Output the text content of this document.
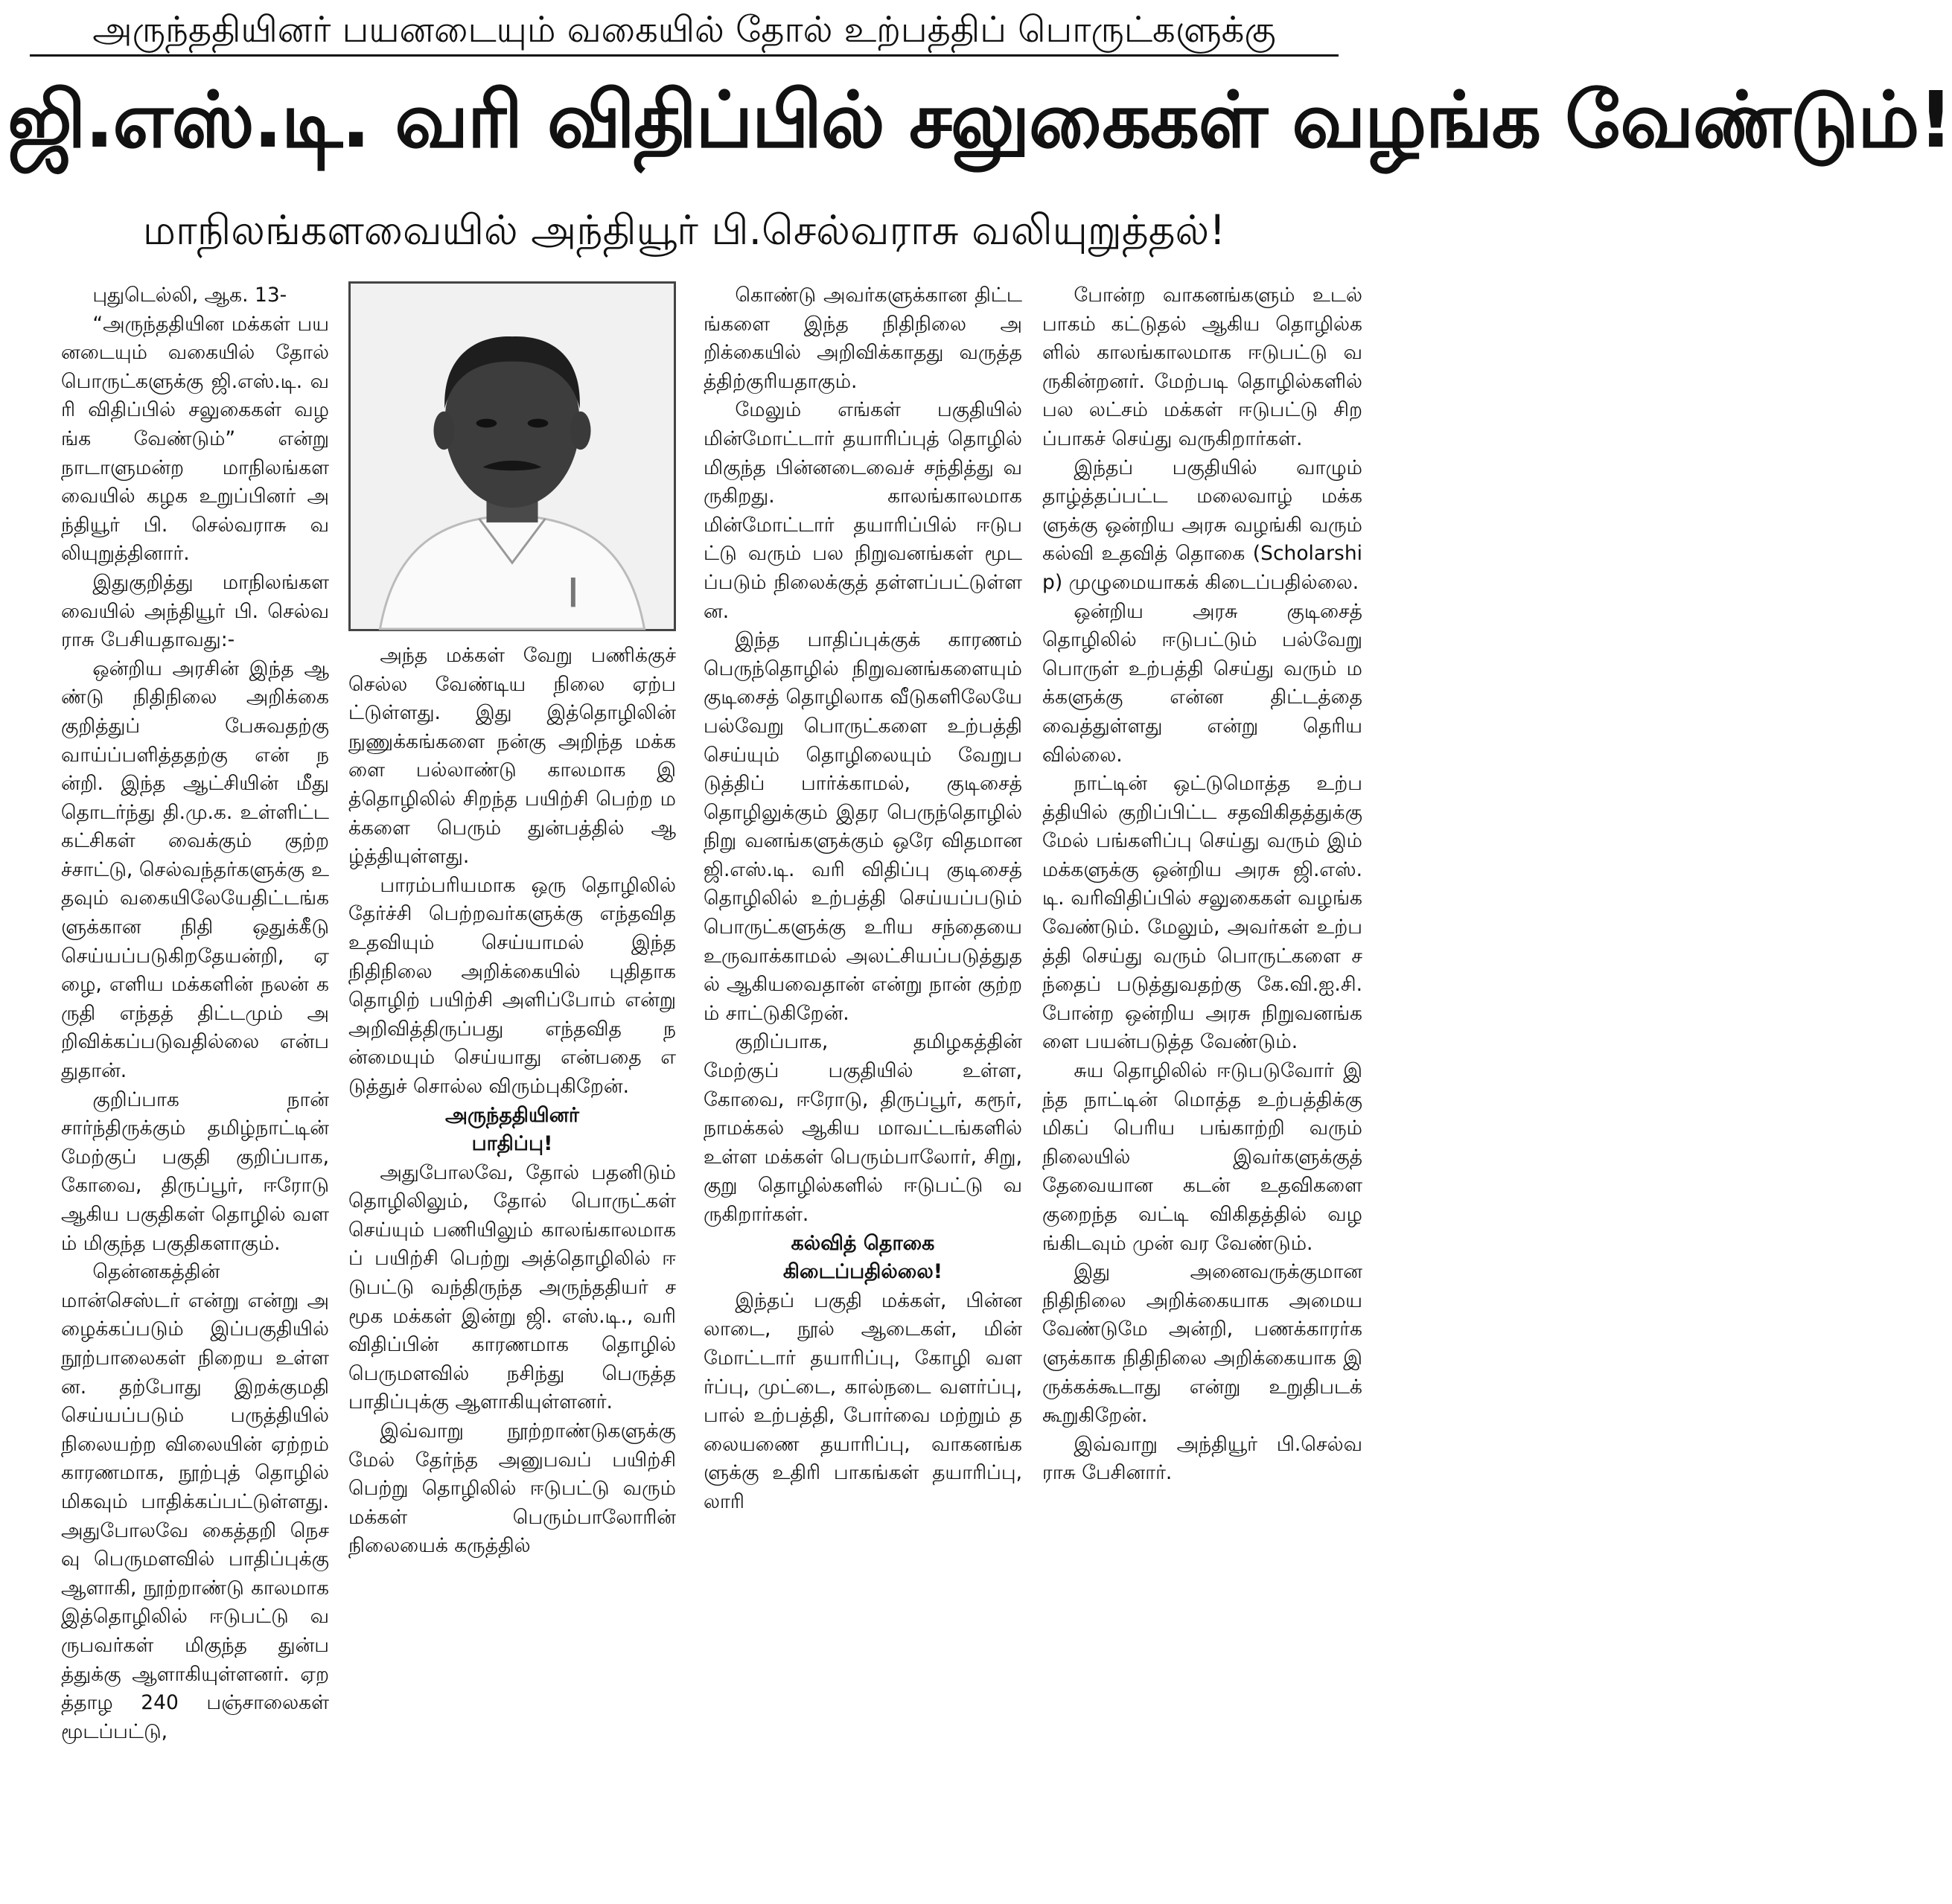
அருந்ததியினர் பயனடையும் வகையில் தோல் உற்பத்திப் பொருட்களுக்கு
ஜி.எஸ்.டி. வரி விதிப்பில் சலுகைகள் வழங்க வேண்டும்!
மாநிலங்களவையில் அந்தியூர் பி.செல்வராசு வலியுறுத்தல்!

புதுடெல்லி, ஆக. 13-

“அருந்ததியின மக்கள் பயனடையும் வகையில் தோல் பொருட்களுக்கு ஜி.எஸ்.டி. வரி விதிப்பில் சலுகைகள் வழங்க வேண்டும்” என்று நாடாளுமன்ற மாநிலங்களவையில் கழக உறுப்பினர் அந்தியூர் பி. செல்வராசு வலியுறுத்தினார்.

இதுகுறித்து மாநிலங்களவையில் அந்தியூர் பி. செல்வராசு பேசியதாவது:-

ஒன்றிய அரசின் இந்த ஆண்டு நிதிநிலை அறிக்கை குறித்துப் பேசுவதற்கு வாய்ப்பளித்ததற்கு என் நன்றி. இந்த ஆட்சியின் மீது தொடர்ந்து தி.மு.க. உள்ளிட்ட கட்சிகள் வைக்கும் குற்றச்சாட்டு, செல்வந்தர்களுக்கு உதவும் வகையிலேயேதிட்டங்களுக்கான நிதி ஒதுக்கீடு செய்யப்படுகிறதேயன்றி, ஏழை, எளிய மக்களின் நலன் கருதி எந்தத் திட்டமும் அறிவிக்கப்படுவதில்லை என்பதுதான்.

குறிப்பாக நான் சார்ந்திருக்கும் தமிழ்நாட்டின் மேற்குப் பகுதி குறிப்பாக, கோவை, திருப்பூர், ஈரோடு ஆகிய பகுதிகள் தொழில் வளம் மிகுந்த பகுதிகளாகும்.

தென்னகத்தின் மான்செஸ்டர் என்று என்று அழைக்கப்படும் இப்பகுதியில் நூற்பாலைகள் நிறைய உள்ளன. தற்போது இறக்குமதி செய்யப்படும் பருத்தியில் நிலையற்ற விலையின் ஏற்றம் காரணமாக, நூற்புத் தொழில் மிகவும் பாதிக்கப்பட்டுள்ளது. அதுபோலவே கைத்தறி நெசவு பெருமளவில் பாதிப்புக்கு ஆளாகி, நூற்றாண்டு காலமாக இத்தொழிலில் ஈடுபட்டு வருபவர்கள் மிகுந்த துன்பத்துக்கு ஆளாகியுள்ளனர். ஏறத்தாழ 240 பஞ்சாலைகள் மூடப்பட்டு,

அந்த மக்கள் வேறு பணிக்குச் செல்ல வேண்டிய நிலை ஏற்பட்டுள்ளது. இது இத்தொழிலின் நுணுக்கங்களை நன்கு அறிந்த மக்களை பல்லாண்டு காலமாக இத்தொழிலில் சிறந்த பயிற்சி பெற்ற மக்களை பெரும் துன்பத்தில் ஆழ்த்தியுள்ளது.

பாரம்பரியமாக ஒரு தொழிலில் தேர்ச்சி பெற்றவர்களுக்கு எந்தவித உதவியும் செய்யாமல் இந்த நிதிநிலை அறிக்கையில் புதிதாக தொழிற் பயிற்சி அளிப்போம் என்று அறிவித்திருப்பது எந்தவித நன்மையும் செய்யாது என்பதை எடுத்துச் சொல்ல விரும்புகிறேன்.

அருந்ததியினர்
பாதிப்பு!

அதுபோலவே, தோல் பதனிடும் தொழிலிலும், தோல் பொருட்கள் செய்யும் பணியிலும் காலங்காலமாகப் பயிற்சி பெற்று அத்தொழிலில் ஈடுபட்டு வந்திருந்த அருந்ததியர் சமூக மக்கள் இன்று ஜி. எஸ்.டி., வரி விதிப்பின் காரணமாக தொழில் பெருமளவில் நசிந்து பெருத்த பாதிப்புக்கு ஆளாகியுள்ளனர்.

இவ்வாறு நூற்றாண்டுகளுக்கு மேல் தேர்ந்த அனுபவப் பயிற்சி பெற்று தொழிலில் ஈடுபட்டு வரும் மக்கள் பெரும்பாலோரின் நிலையைக் கருத்தில்

கொண்டு அவர்களுக்கான திட்டங்களை இந்த நிதிநிலை அறிக்கையில் அறிவிக்காதது வருத்தத்திற்குரியதாகும்.

மேலும் எங்கள் பகுதியில் மின்மோட்டார் தயாரிப்புத் தொழில் மிகுந்த பின்னடைவைச் சந்தித்து வருகிறது. காலங்காலமாக மின்மோட்டார் தயாரிப்பில் ஈடுபட்டு வரும் பல நிறுவனங்கள் மூடப்படும் நிலைக்குத் தள்ளப்பட்டுள்ளன.

இந்த பாதிப்புக்குக் காரணம் பெருந்தொழில் நிறுவனங்களையும் குடிசைத் தொழிலாக வீடுகளிலேயே பல்வேறு பொருட்களை உற்பத்தி செய்யும் தொழிலையும் வேறுபடுத்திப் பார்க்காமல், குடிசைத் தொழிலுக்கும் இதர பெருந்தொழில் நிறு வனங்களுக்கும் ஒரே விதமான ஜி.எஸ்.டி. வரி விதிப்பு குடிசைத் தொழிலில் உற்பத்தி செய்யப்படும் பொருட்களுக்கு உரிய சந்தையை உருவாக்காமல் அலட்சியப்படுத்துதல் ஆகியவைதான் என்று நான் குற்றம் சாட்டுகிறேன்.

குறிப்பாக, தமிழகத்தின் மேற்குப் பகுதியில் உள்ள, கோவை, ஈரோடு, திருப்பூர், கரூர், நாமக்கல் ஆகிய மாவட்டங்களில் உள்ள மக்கள் பெரும்பாலோர், சிறு, குறு தொழில்களில் ஈடுபட்டு வருகிறார்கள்.

கல்வித் தொகை
கிடைப்பதில்லை!

இந்தப் பகுதி மக்கள், பின்னலாடை, நூல் ஆடைகள், மின் மோட்டார் தயாரிப்பு, கோழி வளர்ப்பு, முட்டை, கால்நடை வளர்ப்பு, பால் உற்பத்தி, போர்வை மற்றும் தலையணை தயாரிப்பு, வாகனங்களுக்கு உதிரி பாகங்கள் தயாரிப்பு, லாரி

போன்ற வாகனங்களும் உடல் பாகம் கட்டுதல் ஆகிய தொழில்களில் காலங்காலமாக ஈடுபட்டு வருகின்றனர். மேற்படி தொழில்களில் பல லட்சம் மக்கள் ஈடுபட்டு சிறப்பாகச் செய்து வருகிறார்கள்.

இந்தப் பகுதியில் வாழும் தாழ்த்தப்பட்ட மலைவாழ் மக்களுக்கு ஒன்றிய அரசு வழங்கி வரும் கல்வி உதவித் தொகை (Scholarship) முழுமையாகக் கிடைப்பதில்லை.

ஒன்றிய அரசு குடிசைத் தொழிலில் ஈடுபட்டும் பல்வேறு பொருள் உற்பத்தி செய்து வரும் மக்களுக்கு என்ன திட்டத்தை வைத்துள்ளது என்று தெரியவில்லை.

நாட்டின் ஒட்டுமொத்த உற்பத்தியில் குறிப்பிட்ட சதவிகிதத்துக்கு மேல் பங்களிப்பு செய்து வரும் இம் மக்களுக்கு ஒன்றிய அரசு ஜி.எஸ்.டி. வரிவிதிப்பில் சலுகைகள் வழங்க வேண்டும். மேலும், அவர்கள் உற்பத்தி செய்து வரும் பொருட்களை சந்தைப் படுத்துவதற்கு கே.வி.ஐ.சி. போன்ற ஒன்றிய அரசு நிறுவனங்களை பயன்படுத்த வேண்டும்.

சுய தொழிலில் ஈடுபடுவோர் இந்த நாட்டின் மொத்த உற்பத்திக்கு மிகப் பெரிய பங்காற்றி வரும் நிலையில் இவர்களுக்குத் தேவையான கடன் உதவிகளை குறைந்த வட்டி விகிதத்தில் வழங்கிடவும் முன் வர வேண்டும்.

இது அனைவருக்குமான நிதிநிலை அறிக்கையாக அமைய வேண்டுமே அன்றி, பணக்காரர்களுக்காக நிதிநிலை அறிக்கையாக இருக்கக்கூடாது என்று உறுதிபடக் கூறுகிறேன்.

இவ்வாறு அந்தியூர் பி.செல்வராசு பேசினார்.
